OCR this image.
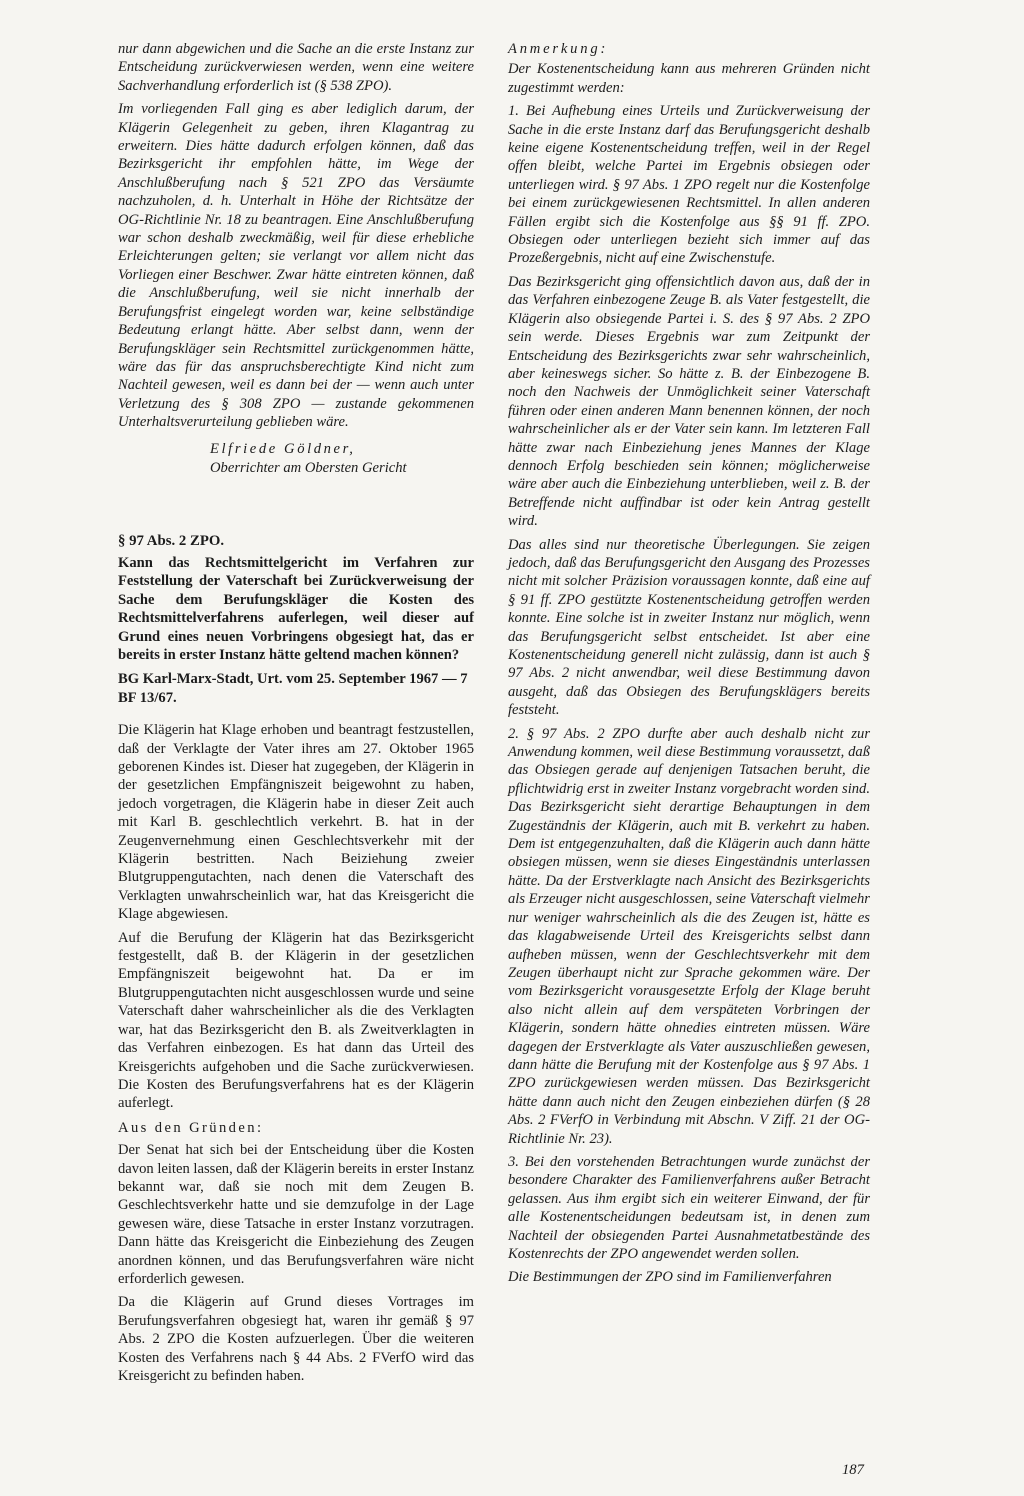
nur dann abgewichen und die Sache an die erste Instanz zur Entscheidung zurückverwiesen werden, wenn eine weitere Sachverhandlung erforderlich ist (§ 538 ZPO).

Im vorliegenden Fall ging es aber lediglich darum, der Klägerin Gelegenheit zu geben, ihren Klagantrag zu erweitern. Dies hätte dadurch erfolgen können, daß das Bezirksgericht ihr empfohlen hätte, im Wege der Anschlußberufung nach § 521 ZPO das Versäumte nachzuholen, d. h. Unterhalt in Höhe der Richtsätze der OG-Richtlinie Nr. 18 zu beantragen. Eine Anschlußberufung war schon deshalb zweckmäßig, weil für diese erhebliche Erleichterungen gelten; sie verlangt vor allem nicht das Vorliegen einer Beschwer. Zwar hätte eintreten können, daß die Anschlußberufung, weil sie nicht innerhalb der Berufungsfrist eingelegt worden war, keine selbständige Bedeutung erlangt hätte. Aber selbst dann, wenn der Berufungskläger sein Rechtsmittel zurückgenommen hätte, wäre das für das anspruchsberechtigte Kind nicht zum Nachteil gewesen, weil es dann bei der — wenn auch unter Verletzung des § 308 ZPO — zustande gekommenen Unterhaltsverurteilung geblieben wäre.

Elfriede Göldner,
Oberrichter am Obersten Gericht
§ 97 Abs. 2 ZPO.
Kann das Rechtsmittelgericht im Verfahren zur Feststellung der Vaterschaft bei Zurückverweisung der Sache dem Berufungskläger die Kosten des Rechtsmittelverfahrens auferlegen, weil dieser auf Grund eines neuen Vorbringens obgesiegt hat, das er bereits in erster Instanz hätte geltend machen können?
BG Karl-Marx-Stadt, Urt. vom 25. September 1967 — 7 BF 13/67.

Die Klägerin hat Klage erhoben und beantragt festzustellen, daß der Verklagte der Vater ihres am 27. Oktober 1965 geborenen Kindes ist. Dieser hat zugegeben, der Klägerin in der gesetzlichen Empfängniszeit beigewohnt zu haben, jedoch vorgetragen, die Klägerin habe in dieser Zeit auch mit Karl B. geschlechtlich verkehrt. B. hat in der Zeugenvernehmung einen Geschlechtsverkehr mit der Klägerin bestritten. Nach Beiziehung zweier Blutgruppengutachten, nach denen die Vaterschaft des Verklagten unwahrscheinlich war, hat das Kreisgericht die Klage abgewiesen.

Auf die Berufung der Klägerin hat das Bezirksgericht festgestellt, daß B. der Klägerin in der gesetzlichen Empfängniszeit beigewohnt hat. Da er im Blutgruppengutachten nicht ausgeschlossen wurde und seine Vaterschaft daher wahrscheinlicher als die des Verklagten war, hat das Bezirksgericht den B. als Zweitverklagten in das Verfahren einbezogen. Es hat dann das Urteil des Kreisgerichts aufgehoben und die Sache zurückverwiesen. Die Kosten des Berufungsverfahrens hat es der Klägerin auferlegt.

Aus den Gründen:

Der Senat hat sich bei der Entscheidung über die Kosten davon leiten lassen, daß der Klägerin bereits in erster Instanz bekannt war, daß sie noch mit dem Zeugen B. Geschlechtsverkehr hatte und sie demzufolge in der Lage gewesen wäre, diese Tatsache in erster Instanz vorzutragen. Dann hätte das Kreisgericht die Einbeziehung des Zeugen anordnen können, und das Berufungsverfahren wäre nicht erforderlich gewesen.

Da die Klägerin auf Grund dieses Vortrages im Berufungsverfahren obgesiegt hat, waren ihr gemäß § 97 Abs. 2 ZPO die Kosten aufzuerlegen. Über die weiteren Kosten des Verfahrens nach § 44 Abs. 2 FVerfO wird das Kreisgericht zu befinden haben.

Anmerkung:

Der Kostenentscheidung kann aus mehreren Gründen nicht zugestimmt werden:

1. Bei Aufhebung eines Urteils und Zurückverweisung der Sache in die erste Instanz darf das Berufungsgericht deshalb keine eigene Kostenentscheidung treffen, weil in der Regel offen bleibt, welche Partei im Ergebnis obsiegen oder unterliegen wird. § 97 Abs. 1 ZPO regelt nur die Kostenfolge bei einem zurückgewiesenen Rechtsmittel. In allen anderen Fällen ergibt sich die Kostenfolge aus §§ 91 ff. ZPO. Obsiegen oder unterliegen bezieht sich immer auf das Prozeßergebnis, nicht auf eine Zwischenstufe.

Das Bezirksgericht ging offensichtlich davon aus, daß der in das Verfahren einbezogene Zeuge B. als Vater festgestellt, die Klägerin also obsiegende Partei i. S. des § 97 Abs. 2 ZPO sein werde. Dieses Ergebnis war zum Zeitpunkt der Entscheidung des Bezirksgerichts zwar sehr wahrscheinlich, aber keineswegs sicher. So hätte z. B. der Einbezogene B. noch den Nachweis der Unmöglichkeit seiner Vaterschaft führen oder einen anderen Mann benennen können, der noch wahrscheinlicher als er der Vater sein kann. Im letzteren Fall hätte zwar nach Einbeziehung jenes Mannes der Klage dennoch Erfolg beschieden sein können; möglicherweise wäre aber auch die Einbeziehung unterblieben, weil z. B. der Betreffende nicht auffindbar ist oder kein Antrag gestellt wird.

Das alles sind nur theoretische Überlegungen. Sie zeigen jedoch, daß das Berufungsgericht den Ausgang des Prozesses nicht mit solcher Präzision voraussagen konnte, daß eine auf § 91 ff. ZPO gestützte Kostenentscheidung getroffen werden konnte. Eine solche ist in zweiter Instanz nur möglich, wenn das Berufungsgericht selbst entscheidet. Ist aber eine Kostenentscheidung generell nicht zulässig, dann ist auch § 97 Abs. 2 nicht anwendbar, weil diese Bestimmung davon ausgeht, daß das Obsiegen des Berufungsklägers bereits feststeht.

2. § 97 Abs. 2 ZPO durfte aber auch deshalb nicht zur Anwendung kommen, weil diese Bestimmung voraussetzt, daß das Obsiegen gerade auf denjenigen Tatsachen beruht, die pflichtwidrig erst in zweiter Instanz vorgebracht worden sind. Das Bezirksgericht sieht derartige Behauptungen in dem Zugeständnis der Klägerin, auch mit B. verkehrt zu haben. Dem ist entgegenzuhalten, daß die Klägerin auch dann hätte obsiegen müssen, wenn sie dieses Eingeständnis unterlassen hätte. Da der Erstverklagte nach Ansicht des Bezirksgerichts als Erzeuger nicht ausgeschlossen, seine Vaterschaft vielmehr nur weniger wahrscheinlich als die des Zeugen ist, hätte es das klagabweisende Urteil des Kreisgerichts selbst dann aufheben müssen, wenn der Geschlechtsverkehr mit dem Zeugen überhaupt nicht zur Sprache gekommen wäre. Der vom Bezirksgericht vorausgesetzte Erfolg der Klage beruht also nicht allein auf dem verspäteten Vorbringen der Klägerin, sondern hätte ohnedies eintreten müssen. Wäre dagegen der Erstverklagte als Vater auszuschließen gewesen, dann hätte die Berufung mit der Kostenfolge aus § 97 Abs. 1 ZPO zurückgewiesen werden müssen. Das Bezirksgericht hätte dann auch nicht den Zeugen einbeziehen dürfen (§ 28 Abs. 2 FVerfO in Verbindung mit Abschn. V Ziff. 21 der OG-Richtlinie Nr. 23).

3. Bei den vorstehenden Betrachtungen wurde zunächst der besondere Charakter des Familienverfahrens außer Betracht gelassen. Aus ihm ergibt sich ein weiterer Einwand, der für alle Kostenentscheidungen bedeutsam ist, in denen zum Nachteil der obsiegenden Partei Ausnahmetatbestände des Kostenrechts der ZPO angewendet werden sollen.

Die Bestimmungen der ZPO sind im Familienverfahren

187
